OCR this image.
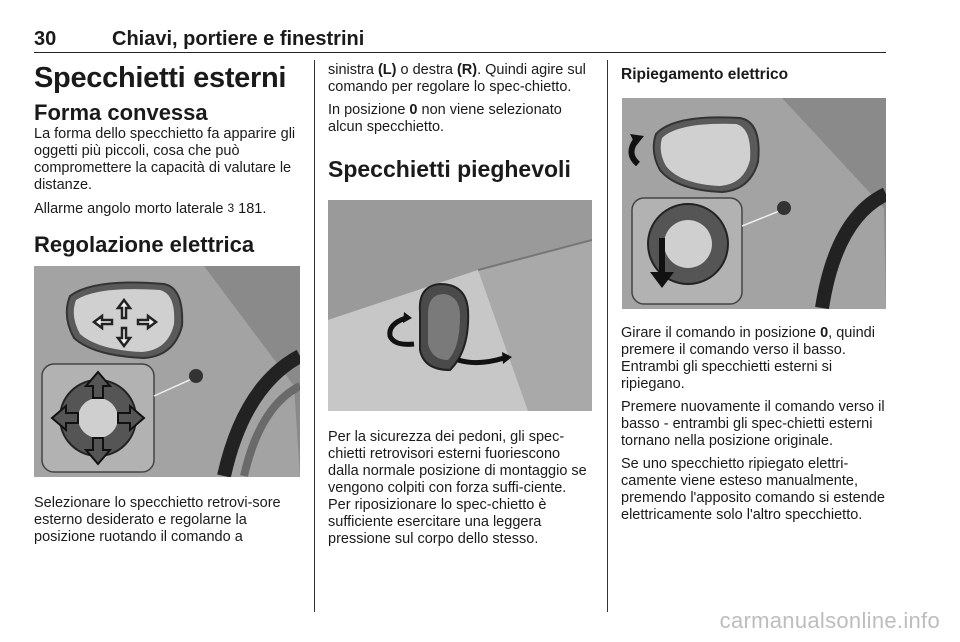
30	Chiavi, portiere e finestrini
Specchietti esterni
Forma convessa

La forma dello specchietto fa apparire gli oggetti più piccoli, cosa che può compromettere la capacità di valutare le distanze.

Allarme angolo morto laterale 3 181.

Regolazione elettrica

Selezionare lo specchietto retrovi-sore esterno desiderato e regolarne la posizione ruotando il comando a

sinistra (L) o destra (R). Quindi agire sul comando per regolare lo spec-chietto.

In posizione 0 non viene selezionato alcun specchietto.

Specchietti pieghevoli

Per la sicurezza dei pedoni, gli spec-chietti retrovisori esterni fuoriescono dalla normale posizione di montaggio se vengono colpiti con forza suffi-ciente. Per riposizionare lo spec-chietto è sufficiente esercitare una leggera pressione sul corpo dello stesso.

Ripiegamento elettrico

Girare il comando in posizione 0, quindi premere il comando verso il basso. Entrambi gli specchietti esterni si ripiegano.

Premere nuovamente il comando verso il basso - entrambi gli spec-chietti esterni tornano nella posizione originale.

Se uno specchietto ripiegato elettri-camente viene esteso manualmente, premendo l'apposito comando si estende elettricamente solo l'altro specchietto.

carmanualsonline.info
